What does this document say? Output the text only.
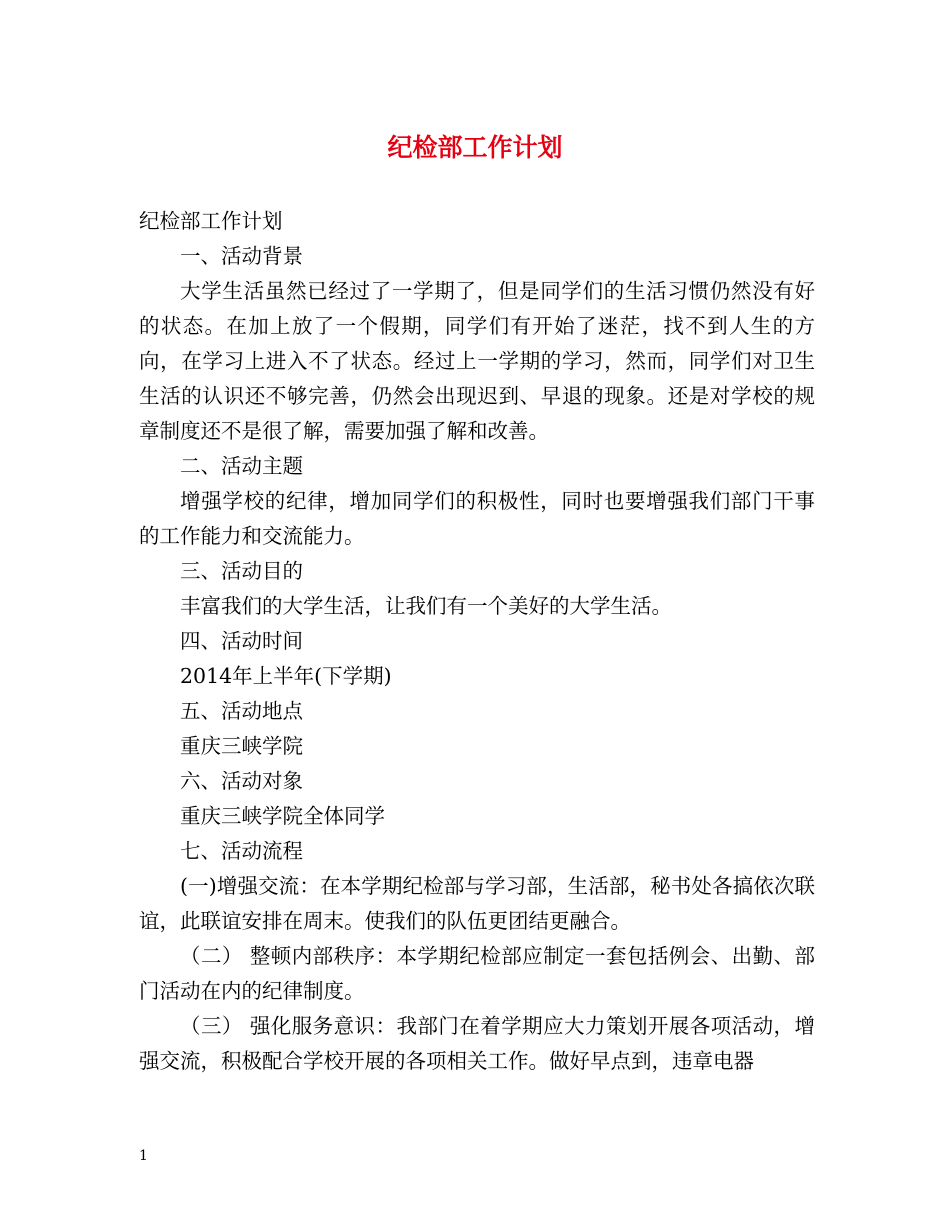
纪检部工作计划

纪检部工作计划

一、活动背景

大学生活虽然已经过了一学期了，但是同学们的生活习惯仍然没有好的状态。在加上放了一个假期，同学们有开始了迷茫，找不到人生的方向，在学习上进入不了状态。经过上一学期的学习，然而，同学们对卫生生活的认识还不够完善，仍然会出现迟到、早退的现象。还是对学校的规章制度还不是很了解，需要加强了解和改善。

二、活动主题

增强学校的纪律，增加同学们的积极性，同时也要增强我们部门干事的工作能力和交流能力。

三、活动目的

丰富我们的大学生活，让我们有一个美好的大学生活。

四、活动时间

2014年上半年(下学期)

五、活动地点

重庆三峡学院

六、活动对象

重庆三峡学院全体同学

七、活动流程

(一)增强交流：在本学期纪检部与学习部，生活部，秘书处各搞依次联谊，此联谊安排在周末。使我们的队伍更团结更融合。

（二） 整顿内部秩序：本学期纪检部应制定一套包括例会、出勤、部门活动在内的纪律制度。

（三） 强化服务意识：我部门在着学期应大力策划开展各项活动，增强交流，积极配合学校开展的各项相关工作。做好早点到，违章电器

1
